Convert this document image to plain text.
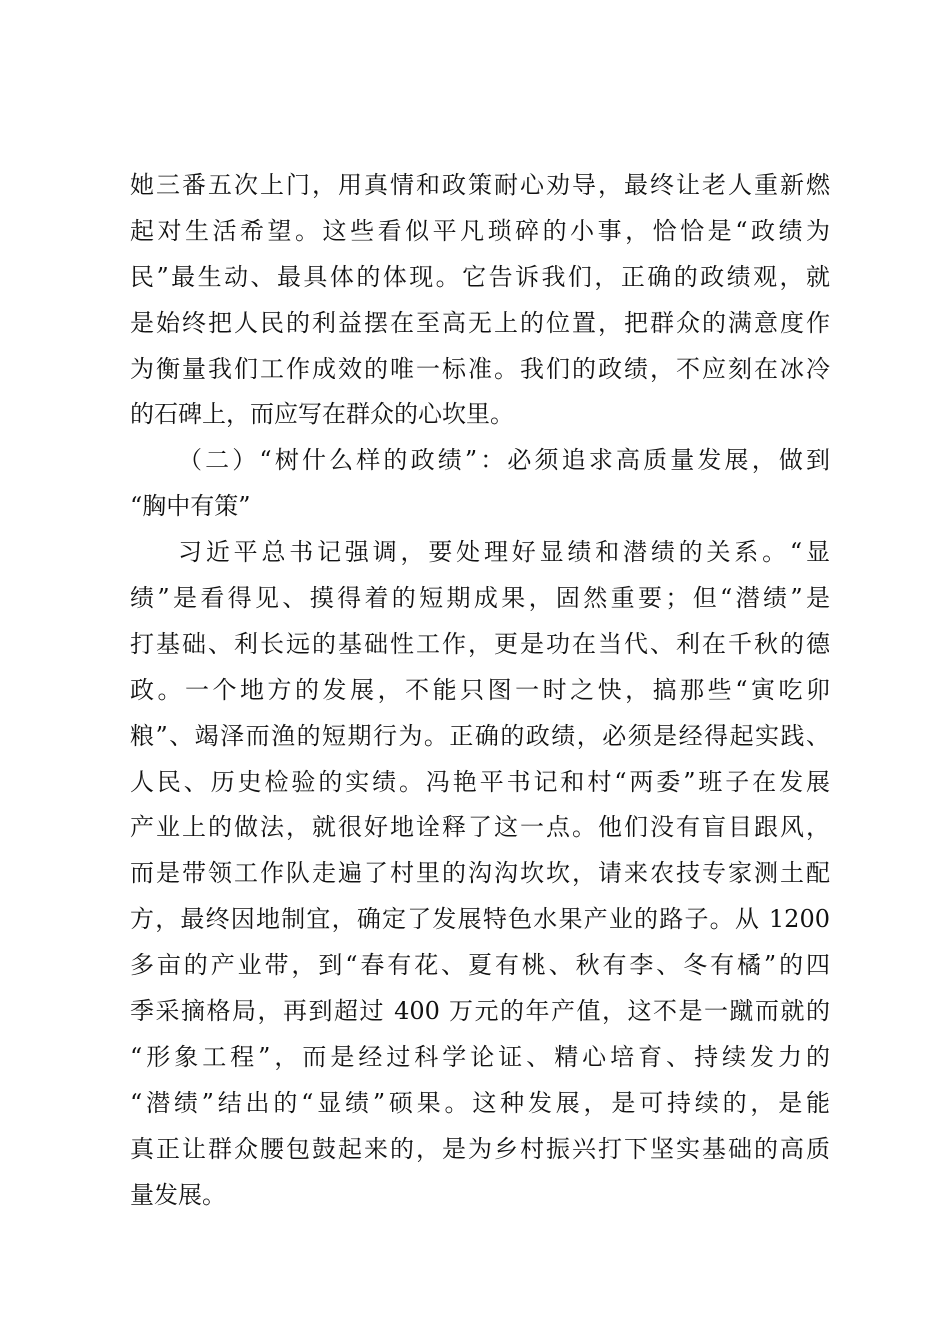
她三番五次上门，用真情和政策耐心劝导，最终让老人重新燃
起对生活希望。这些看似平凡琐碎的小事，恰恰是“政绩为
民”最生动、最具体的体现。它告诉我们，正确的政绩观，就
是始终把人民的利益摆在至高无上的位置，把群众的满意度作
为衡量我们工作成效的唯一标准。我们的政绩，不应刻在冰冷
的石碑上，而应写在群众的心坎里。
（二）“树什么样的政绩”：必须追求高质量发展，做到
“胸中有策”
习近平总书记强调，要处理好显绩和潜绩的关系。“显
绩”是看得见、摸得着的短期成果，固然重要；但“潜绩”是
打基础、利长远的基础性工作，更是功在当代、利在千秋的德
政。一个地方的发展，不能只图一时之快，搞那些“寅吃卯
粮”、竭泽而渔的短期行为。正确的政绩，必须是经得起实践、
人民、历史检验的实绩。冯艳平书记和村“两委”班子在发展
产业上的做法，就很好地诠释了这一点。他们没有盲目跟风，
而是带领工作队走遍了村里的沟沟坎坎，请来农技专家测土配
方，最终因地制宜，确定了发展特色水果产业的路子。从 1200
多亩的产业带，到“春有花、夏有桃、秋有李、冬有橘”的四
季采摘格局，再到超过 400 万元的年产值，这不是一蹴而就的
“形象工程”，而是经过科学论证、精心培育、持续发力的
“潜绩”结出的“显绩”硕果。这种发展，是可持续的，是能
真正让群众腰包鼓起来的，是为乡村振兴打下坚实基础的高质
量发展。
